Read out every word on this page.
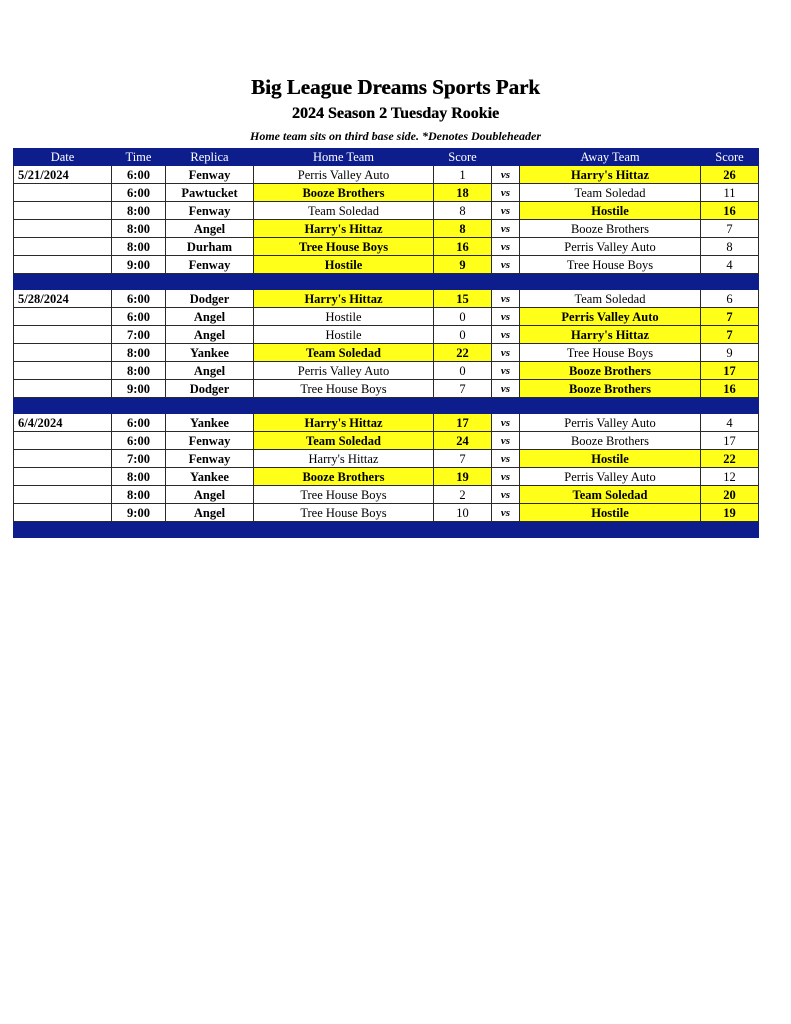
Big League Dreams Sports Park
2024 Season 2 Tuesday Rookie
Home team sits on third base side. *Denotes Doubleheader
Date	Time	Replica	Home Team	Score		Away Team	Score
5/21/2024	6:00	Fenway	Perris Valley Auto	1	vs	Harry's Hittaz	26
	6:00	Pawtucket	Booze Brothers	18	vs	Team Soledad	11
	8:00	Fenway	Team Soledad	8	vs	Hostile	16
	8:00	Angel	Harry's Hittaz	8	vs	Booze Brothers	7
	8:00	Durham	Tree House Boys	16	vs	Perris Valley Auto	8
	9:00	Fenway	Hostile	9	vs	Tree House Boys	4

5/28/2024	6:00	Dodger	Harry's Hittaz	15	vs	Team Soledad	6
	6:00	Angel	Hostile	0	vs	Perris Valley Auto	7
	7:00	Angel	Hostile	0	vs	Harry's Hittaz	7
	8:00	Yankee	Team Soledad	22	vs	Tree House Boys	9
	8:00	Angel	Perris Valley Auto	0	vs	Booze Brothers	17
	9:00	Dodger	Tree House Boys	7	vs	Booze Brothers	16

6/4/2024	6:00	Yankee	Harry's Hittaz	17	vs	Perris Valley Auto	4
	6:00	Fenway	Team Soledad	24	vs	Booze Brothers	17
	7:00	Fenway	Harry's Hittaz	7	vs	Hostile	22
	8:00	Yankee	Booze Brothers	19	vs	Perris Valley Auto	12
	8:00	Angel	Tree House Boys	2	vs	Team Soledad	20
	9:00	Angel	Tree House Boys	10	vs	Hostile	19
